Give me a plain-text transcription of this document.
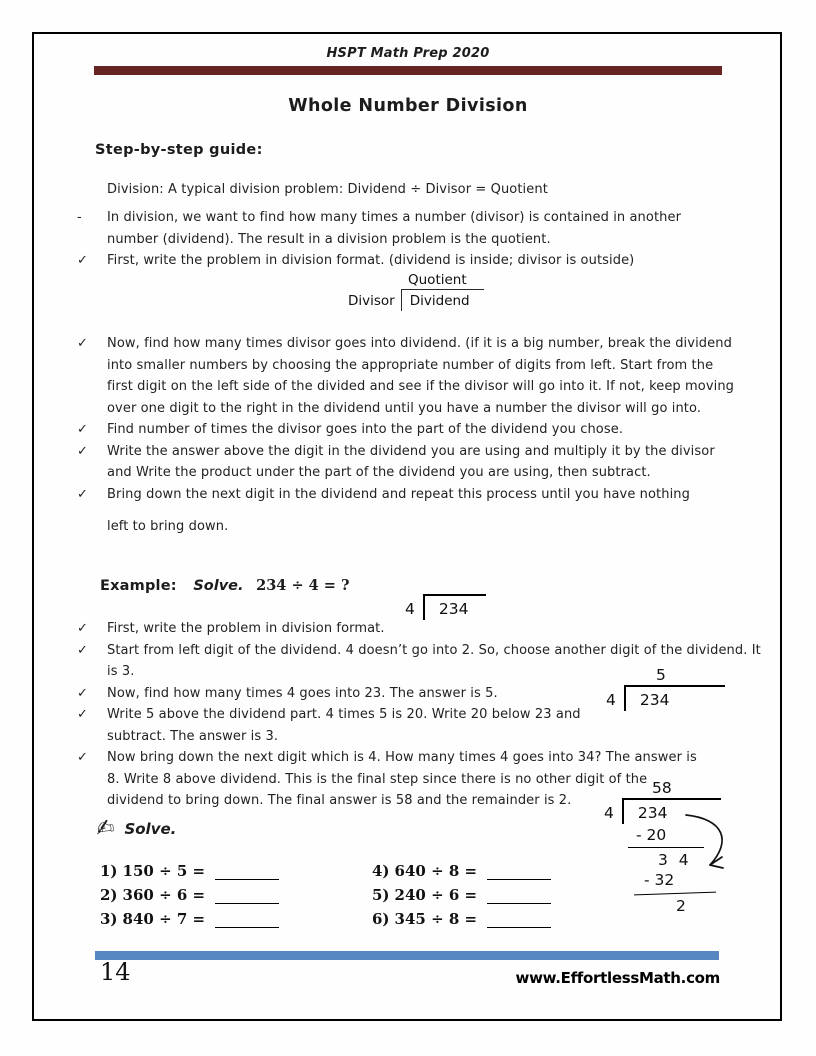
HSPT Math Prep 2020
Whole Number Division
Step-by-step guide:
Division: A typical division problem: Dividend ÷ Divisor = Quotient
-	In division, we want to find how many times a number (divisor) is contained in another number (dividend). The result in a division problem is the quotient.
✓	First, write the problem in division format. (dividend is inside; divisor is outside)
Quotient
Divisor	Dividend
✓	Now, find how many times divisor goes into dividend. (if it is a big number, break the dividend into smaller numbers by choosing the appropriate number of digits from left. Start from the first digit on the left side of the divided and see if the divisor will go into it. If not, keep moving over one digit to the right in the dividend until you have a number the divisor will go into.
✓	Find number of times the divisor goes into the part of the dividend you chose.
✓	Write the answer above the digit in the dividend you are using and multiply it by the divisor and Write the product under the part of the dividend you are using, then subtract.
✓	Bring down the next digit in the dividend and repeat this process until you have nothing
left to bring down.
Example: Solve. 234 ÷ 4 = ?
✓	First, write the problem in division format.
✓	Start from left digit of the dividend. 4 doesn’t go into 2. So, choose another digit of the dividend. It is 3.
✓	Now, find how many times 4 goes into 23. The answer is 5.
✓	Write 5 above the dividend part. 4 times 5 is 20. Write 20 below 23 and subtract. The answer is 3.
✓	Now bring down the next digit which is 4. How many times 4 goes into 34? The answer is 8. Write 8 above dividend. This is the final step since there is no other digit of the dividend to bring down. The final answer is 58 and the remainder is 2.
4	234
5
4	234
58
4	234
- 20
3 4
- 32
2
✍ Solve.
1) 150 ÷ 5 =
2) 360 ÷ 6 =
3) 840 ÷ 7 =
4) 640 ÷ 8 =
5) 240 ÷ 6 =
6) 345 ÷ 8 =
14	www.EffortlessMath.com
